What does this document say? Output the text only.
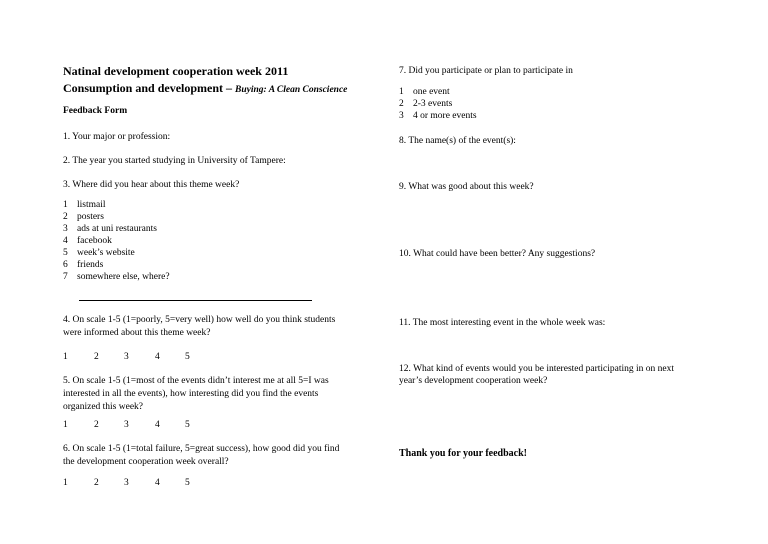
Natinal development cooperation week 2011
Consumption and development – Buying: A Clean Conscience
Feedback Form
1. Your major or profession:
2. The year you started studying in University of Tampere:
3. Where did you hear about this theme week?
1 listmail
2 posters
3 ads at uni restaurants
4 facebook
5 week’s website
6 friends
7 somewhere else, where?
4. On scale 1-5 (1=poorly, 5=very well) how well do you think students
were informed about this theme week?
1	2	3	4	5
5. On scale 1-5 (1=most of the events didn’t interest me at all 5=I was
interested in all the events), how interesting did you find the events
organized this week?
1	2	3	4	5
6. On scale 1-5 (1=total failure, 5=great success), how good did you find
the development cooperation week overall?
1	2	3	4	5
7. Did you participate or plan to participate in
1 one event
2 2-3 events
3 4 or more events
8. The name(s) of the event(s):
9. What was good about this week?
10. What could have been better? Any suggestions?
11. The most interesting event in the whole week was:
12. What kind of events would you be interested participating in on next
year’s development cooperation week?
Thank you for your feedback!
